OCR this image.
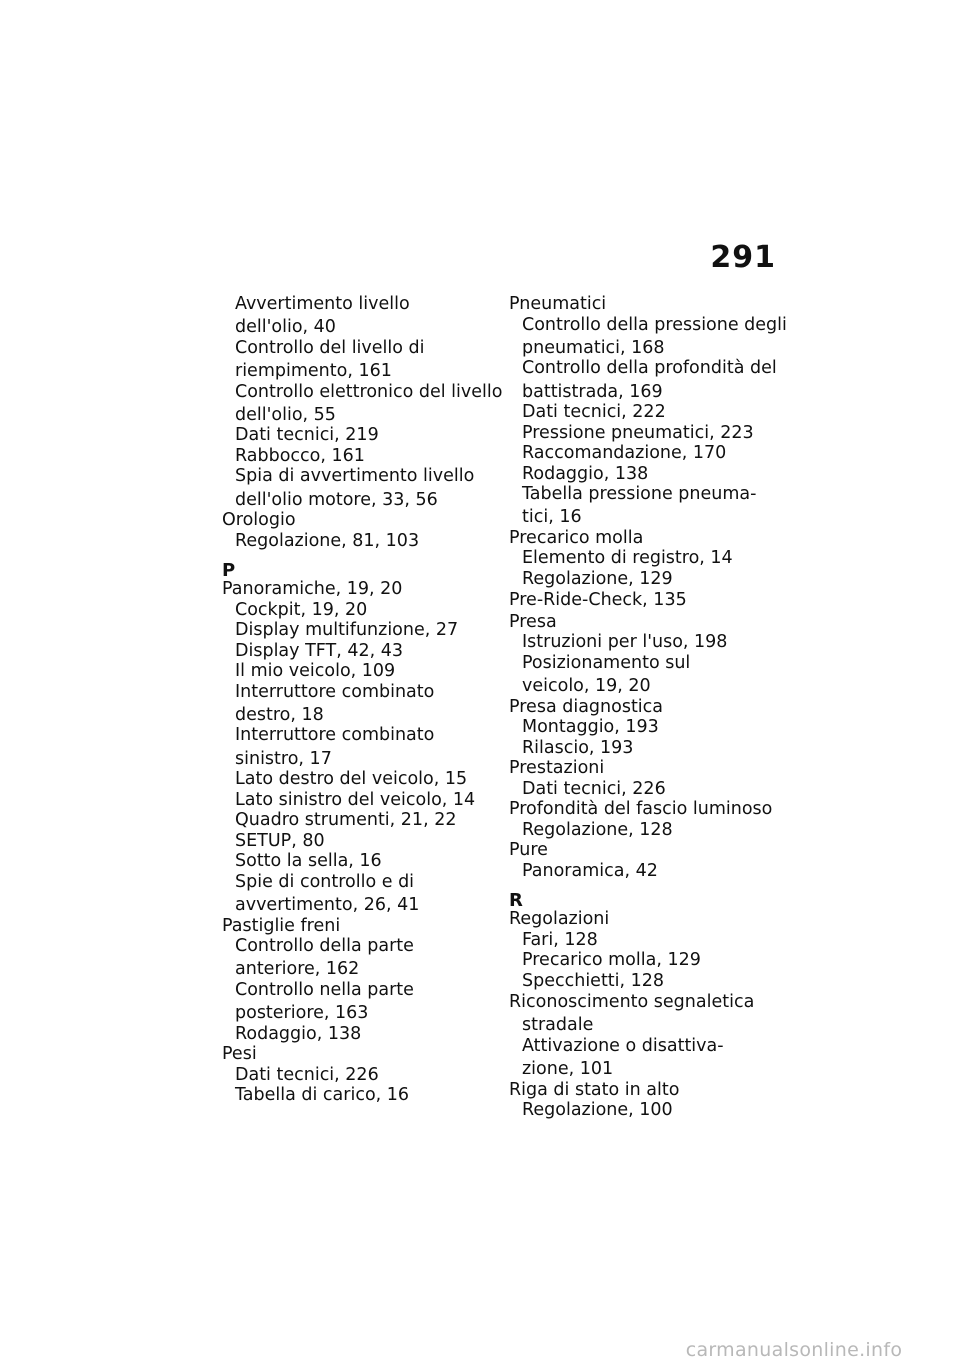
291
Avvertimento livello
dell'olio, 40
Controllo del livello di
riempimento, 161
Controllo elettronico del livello
dell'olio, 55
Dati tecnici, 219
Rabbocco, 161
Spia di avvertimento livello
dell'olio motore, 33, 56
Orologio
Regolazione, 81, 103
P
Panoramiche, 19, 20
Cockpit, 19, 20
Display multifunzione, 27
Display TFT, 42, 43
Il mio veicolo, 109
Interruttore combinato
destro, 18
Interruttore combinato
sinistro, 17
Lato destro del veicolo, 15
Lato sinistro del veicolo, 14
Quadro strumenti, 21, 22
SETUP, 80
Sotto la sella, 16
Spie di controllo e di
avvertimento, 26, 41
Pastiglie freni
Controllo della parte
anteriore, 162
Controllo nella parte
posteriore, 163
Rodaggio, 138
Pesi
Dati tecnici, 226
Tabella di carico, 16
Pneumatici
Controllo della pressione degli
pneumatici, 168
Controllo della profondità del
battistrada, 169
Dati tecnici, 222
Pressione pneumatici, 223
Raccomandazione, 170
Rodaggio, 138
Tabella pressione pneuma-
tici, 16
Precarico molla
Elemento di registro, 14
Regolazione, 129
Pre-Ride-Check, 135
Presa
Istruzioni per l'uso, 198
Posizionamento sul
veicolo, 19, 20
Presa diagnostica
Montaggio, 193
Rilascio, 193
Prestazioni
Dati tecnici, 226
Profondità del fascio luminoso
Regolazione, 128
Pure
Panoramica, 42
R
Regolazioni
Fari, 128
Precarico molla, 129
Specchietti, 128
Riconoscimento segnaletica
stradale
Attivazione o disattiva-
zione, 101
Riga di stato in alto
Regolazione, 100
carmanualsonline.info
